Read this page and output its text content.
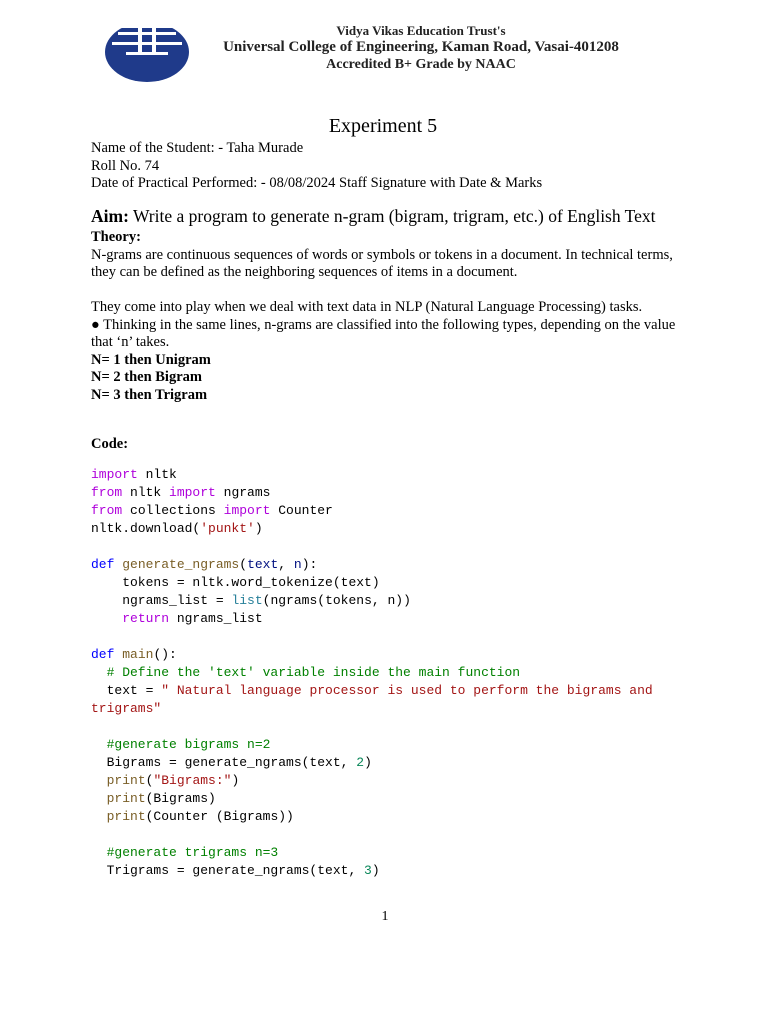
Vidya Vikas Education Trust's
Universal College of Engineering, Kaman Road, Vasai-401208
Accredited B+ Grade by NAAC
Experiment 5

Name of the Student: - Taha Murade

Roll No. 74

Date of Practical Performed: - 08/08/2024 Staff Signature with Date & Marks

Aim: Write a program to generate n-gram (bigram, trigram, etc.) of English Text Theory:

N-grams are continuous sequences of words or symbols or tokens in a document. In technical terms, they can be defined as the neighboring sequences of items in a document.

They come into play when we deal with text data in NLP (Natural Language Processing) tasks.

● Thinking in the same lines, n-grams are classified into the following types, depending on the value that ‘n’ takes.

N= 1 then Unigram

N= 2 then Bigram

N= 3 then Trigram

Code:

import nltk
from nltk import ngrams
from collections import Counter
nltk.download('punkt')
def generate_ngrams(text, n):
tokens = nltk.word_tokenize(text)
ngrams_list = list(ngrams(tokens, n))
return ngrams_list
def main():
# Define the 'text' variable inside the main function
text = " Natural language processor is used to perform the bigrams and
trigrams"
#generate bigrams n=2
Bigrams = generate_ngrams(text, 2)
print("Bigrams:")
print(Bigrams)
print(Counter (Bigrams))
#generate trigrams n=3
Trigrams = generate_ngrams(text, 3)
1
